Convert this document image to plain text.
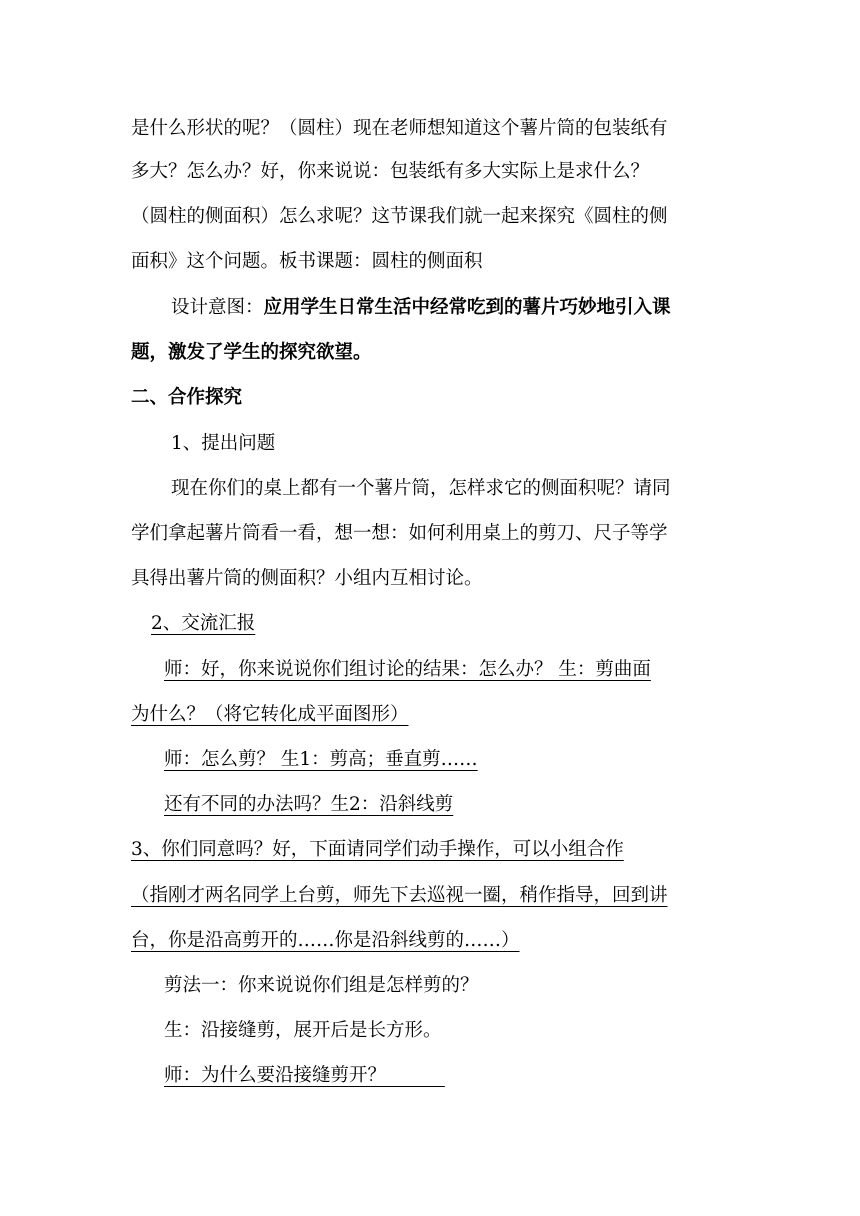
是什么形状的呢？（圆柱）现在老师想知道这个薯片筒的包装纸有
多大？怎么办？好，你来说说：包装纸有多大实际上是求什么？
（圆柱的侧面积）怎么求呢？这节课我们就一起来探究《圆柱的侧
面积》这个问题。板书课题：圆柱的侧面积
设计意图：应用学生日常生活中经常吃到的薯片巧妙地引入课
题，激发了学生的探究欲望。
二、合作探究
1、提出问题
现在你们的桌上都有一个薯片筒，怎样求它的侧面积呢？请同
学们拿起薯片筒看一看，想一想：如何利用桌上的剪刀、尺子等学
具得出薯片筒的侧面积？小组内互相讨论。
2、交流汇报
师：好，你来说说你们组讨论的结果：怎么办？ 生：剪曲面
为什么？（将它转化成平面图形）
师：怎么剪？ 生1：剪高；垂直剪……
还有不同的办法吗？生2：沿斜线剪
3、你们同意吗？好，下面请同学们动手操作，可以小组合作
（指刚才两名同学上台剪，师先下去巡视一圈，稍作指导，回到讲
台，你是沿高剪开的……你是沿斜线剪的……）
剪法一：你来说说你们组是怎样剪的？
生：沿接缝剪，展开后是长方形。
师：为什么要沿接缝剪开？
